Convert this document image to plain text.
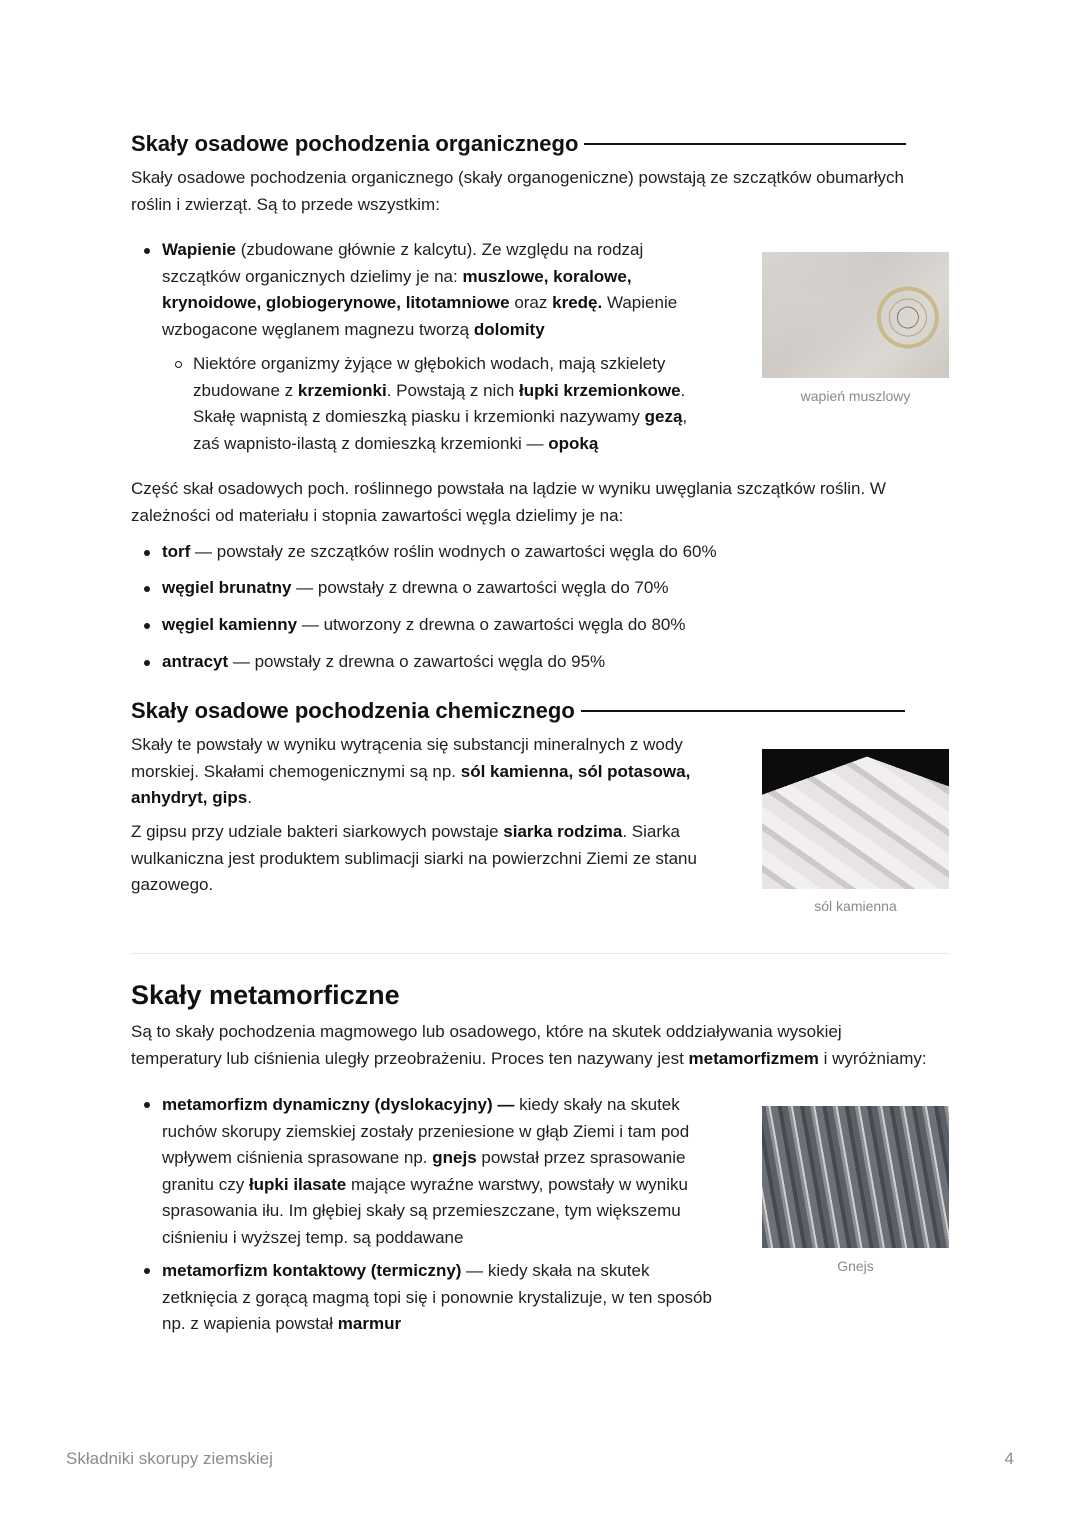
Skały osadowe pochodzenia organicznego
Skały osadowe pochodzenia organicznego (skały organogeniczne) powstają ze szczątków obumarłych roślin i zwierząt. Są to przede wszystkim:
Wapienie (zbudowane głównie z kalcytu). Ze względu na rodzaj
szczątków organicznych dzielimy je na: muszlowe, koralowe,
krynoidowe, globiogerynowe, litotamniowe oraz kredę. Wapienie
wzbogacone węglanem magnezu tworzą dolomity
Niektóre organizmy żyjące w głębokich wodach, mają szkielety
zbudowane z krzemionki. Powstają z nich łupki krzemionkowe.
Skałę wapnistą z domieszką piasku i krzemionki nazywamy gezą,
zaś wapnisto-ilastą z domieszką krzemionki — opoką
wapień muszlowy
Część skał osadowych poch. roślinnego powstała na lądzie w wyniku uwęglania szczątków roślin. W zależności od materiału i stopnia zawartości węgla dzielimy je na:
torf — powstały ze szczątków roślin wodnych o zawartości węgla do 60%
węgiel brunatny — powstały z drewna o zawartości węgla do 70%
węgiel kamienny — utworzony z drewna o zawartości węgla do 80%
antracyt — powstały z drewna o zawartości węgla do 95%
Skały osadowe pochodzenia chemicznego
Skały te powstały w wyniku wytrącenia się substancji mineralnych z wody
morskiej. Skałami chemogenicznymi są np. sól kamienna, sól potasowa,
anhydryt, gips.
Z gipsu przy udziale bakteri siarkowych powstaje siarka rodzima. Siarka
wulkaniczna jest produktem sublimacji siarki na powierzchni Ziemi ze stanu
gazowego.
sól kamienna
Skały metamorficzne
Są to skały pochodzenia magmowego lub osadowego, które na skutek oddziaływania wysokiej
temperatury lub ciśnienia uległy przeobrażeniu. Proces ten nazywany jest metamorfizmem i wyróżniamy:
metamorfizm dynamiczny (dyslokacyjny) — kiedy skały na skutek
ruchów skorupy ziemskiej zostały przeniesione w głąb Ziemi i tam pod
wpływem ciśnienia sprasowane np. gnejs powstał przez sprasowanie
granitu czy łupki ilasate mające wyraźne warstwy, powstały w wyniku
sprasowania iłu. Im głębiej skały są przemieszczane, tym większemu
ciśnieniu i wyższej temp. są poddawane
metamorfizm kontaktowy (termiczny) — kiedy skała na skutek
zetknięcia z gorącą magmą topi się i ponownie krystalizuje, w ten sposób
np. z wapienia powstał marmur
Gnejs
Składniki skorupy ziemskiej	4
